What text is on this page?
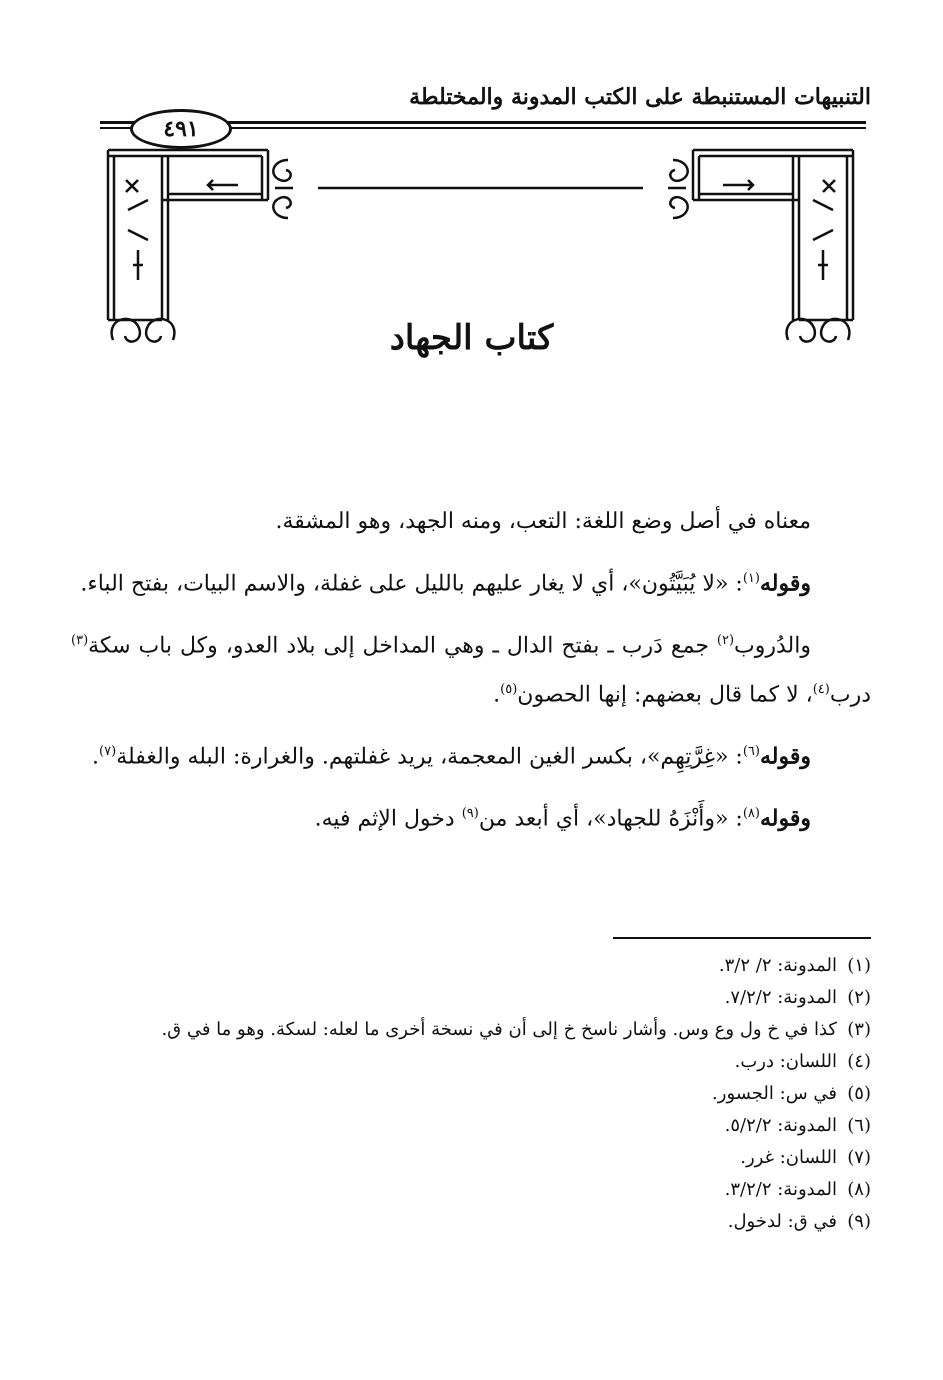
التنبيهات المستنبطة على الكتب المدونة والمختلطة
٤٩١
كتاب الجهاد

معناه في أصل وضع اللغة: التعب، ومنه الجهد، وهو المشقة.

وقوله$^{(١)}$: «لا يُبَيَّتُون»، أي لا يغار عليهم بالليل على غفلة، والاسم البيات، بفتح الباء.

والدُروب$^{(٢)}$ جمع دَرب ـ بفتح الدال ـ وهي المداخل إلى بلاد العدو، وكل باب سكة$^{(٣)}$ درب$^{(٤)}$، لا كما قال بعضهم: إنها الحصون$^{(٥)}$.

وقوله$^{(٦)}$: «غِرَّتِهِم»، بكسر الغين المعجمة، يريد غفلتهم. والغرارة: البله والغفلة$^{(٧)}$.

وقوله$^{(٨)}$: «وأَنْزَهُ للجهاد»، أي أبعد من$^{(٩)}$ دخول الإثم فيه.

(١)
المدونة: ٢/ ٣/٢.
(٢)
المدونة: ٧/٢/٢.
(٣)
كذا في خ ول وع وس. وأشار ناسخ خ إلى أن في نسخة أخرى ما لعله: لسكة. وهو ما في ق.
(٤)
اللسان: درب.
(٥)
في س: الجسور.
(٦)
المدونة: ٥/٢/٢.
(٧)
اللسان: غرر.
(٨)
المدونة: ٣/٢/٢.
(٩)
في ق: لدخول.
